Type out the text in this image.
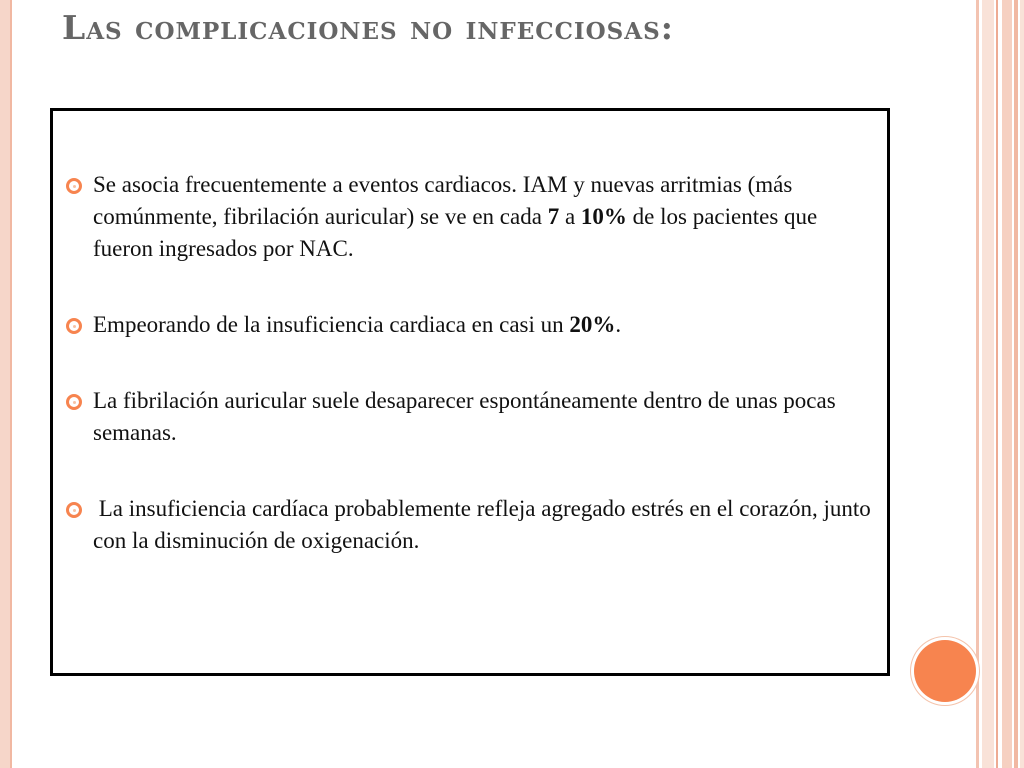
Las complicaciones no infecciosas:
Se asocia frecuentemente a eventos cardiacos. IAM y nuevas arritmias (más comúnmente, fibrilación auricular) se ve en cada 7 a 10% de los pacientes que fueron ingresados por NAC.
Empeorando de la insuficiencia cardiaca en casi un 20%.
La fibrilación auricular suele desaparecer espontáneamente dentro de unas pocas semanas.
La insuficiencia cardíaca probablemente refleja agregado estrés en el corazón, junto con la disminución de oxigenación.
